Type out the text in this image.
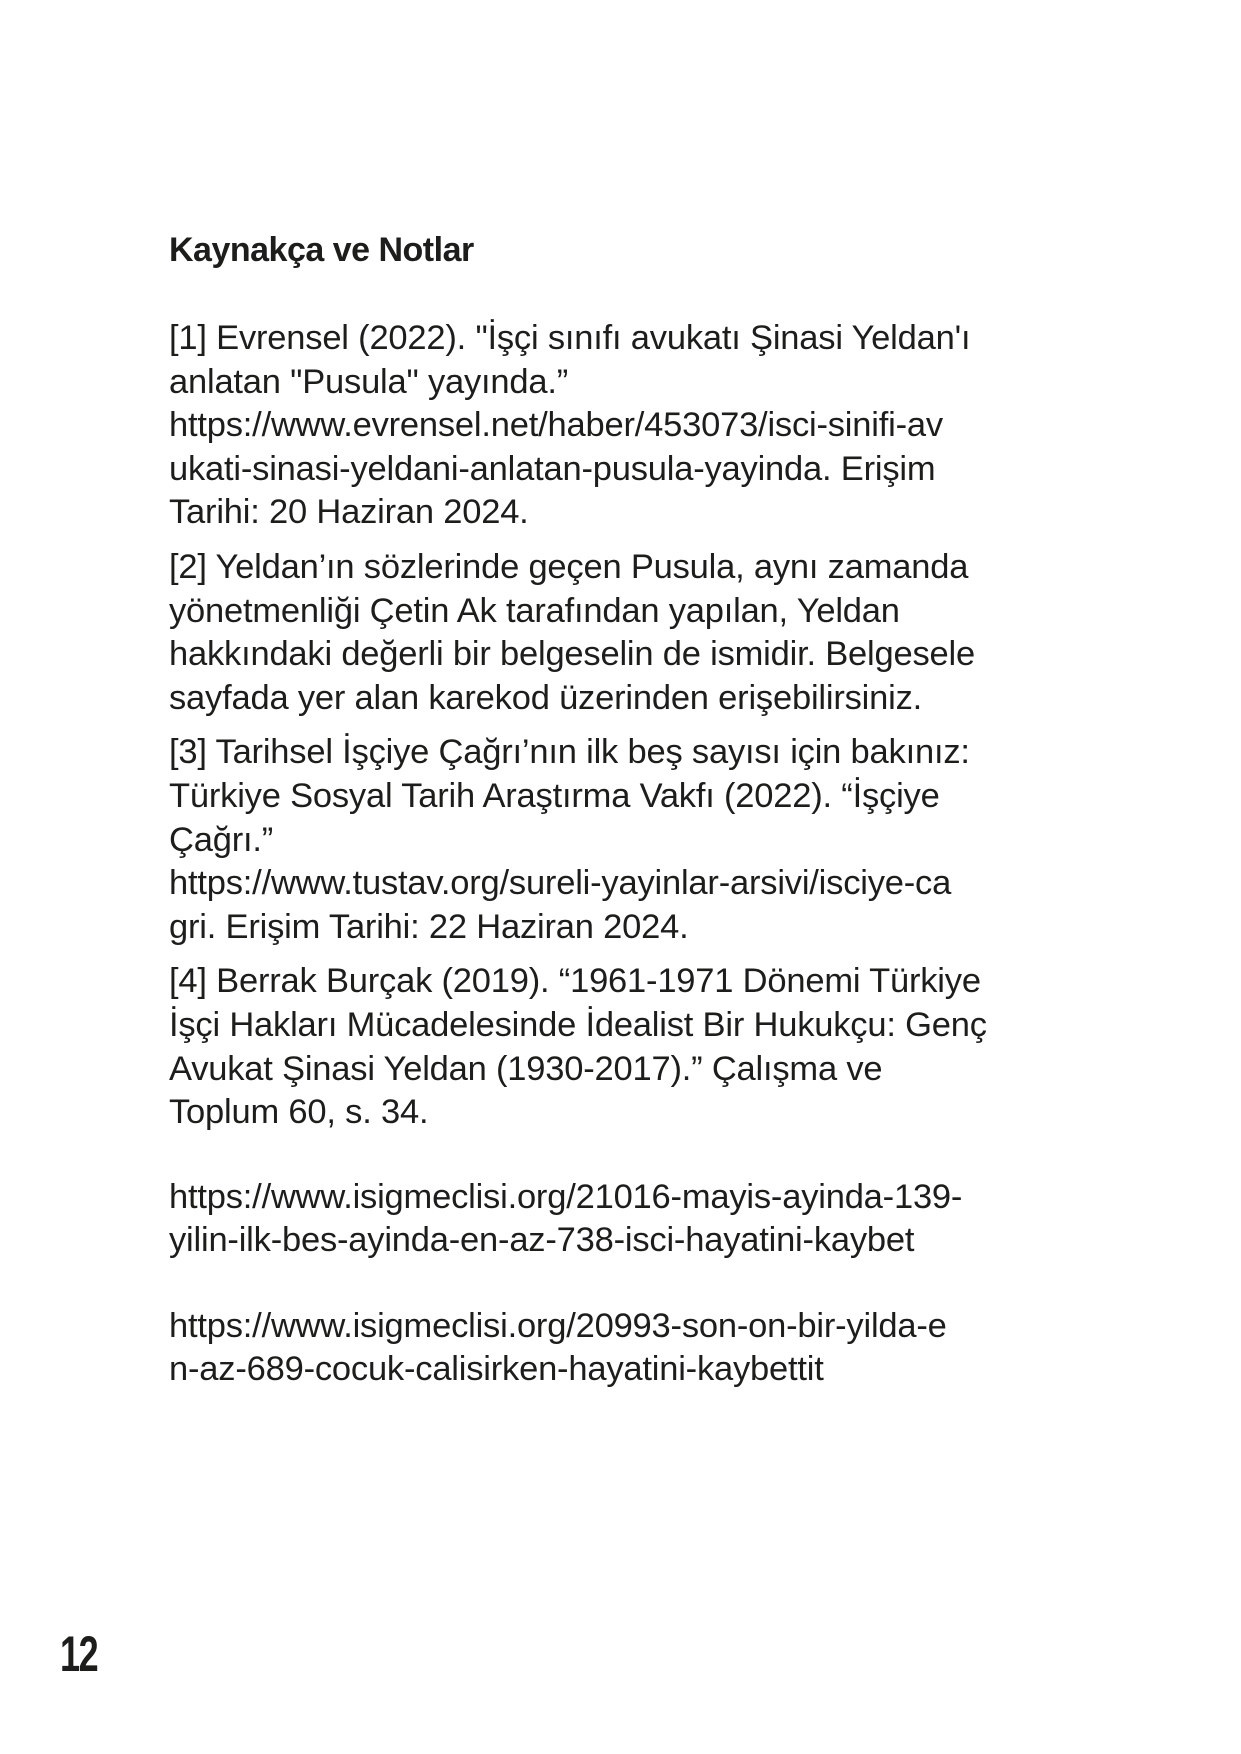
Kaynakça ve Notlar

[1] Evrensel (2022). "İşçi sınıfı avukatı Şinasi Yeldan'ı
anlatan "Pusula" yayında.”
https://www.evrensel.net/haber/453073/isci-sinifi-av
ukati-sinasi-yeldani-anlatan-pusula-yayinda. Erişim
Tarihi: 20 Haziran 2024.

[2] Yeldan’ın sözlerinde geçen Pusula, aynı zamanda
yönetmenliği Çetin Ak tarafından yapılan, Yeldan
hakkındaki değerli bir belgeselin de ismidir. Belgesele
sayfada yer alan karekod üzerinden erişebilirsiniz.

[3] Tarihsel İşçiye Çağrı’nın ilk beş sayısı için bakınız:
Türkiye Sosyal Tarih Araştırma Vakfı (2022). “İşçiye
Çağrı.”
https://www.tustav.org/sureli-yayinlar-arsivi/isciye-ca
gri. Erişim Tarihi: 22 Haziran 2024.

[4] Berrak Burçak (2019). “1961-1971 Dönemi Türkiye
İşçi Hakları Mücadelesinde İdealist Bir Hukukçu: Genç
Avukat Şinasi Yeldan (1930-2017).” Çalışma ve
Toplum 60, s. 34.

https://www.isigmeclisi.org/21016-mayis-ayinda-139-
yilin-ilk-bes-ayinda-en-az-738-isci-hayatini-kaybet

https://www.isigmeclisi.org/20993-son-on-bir-yilda-e
n-az-689-cocuk-calisirken-hayatini-kaybettit

12
